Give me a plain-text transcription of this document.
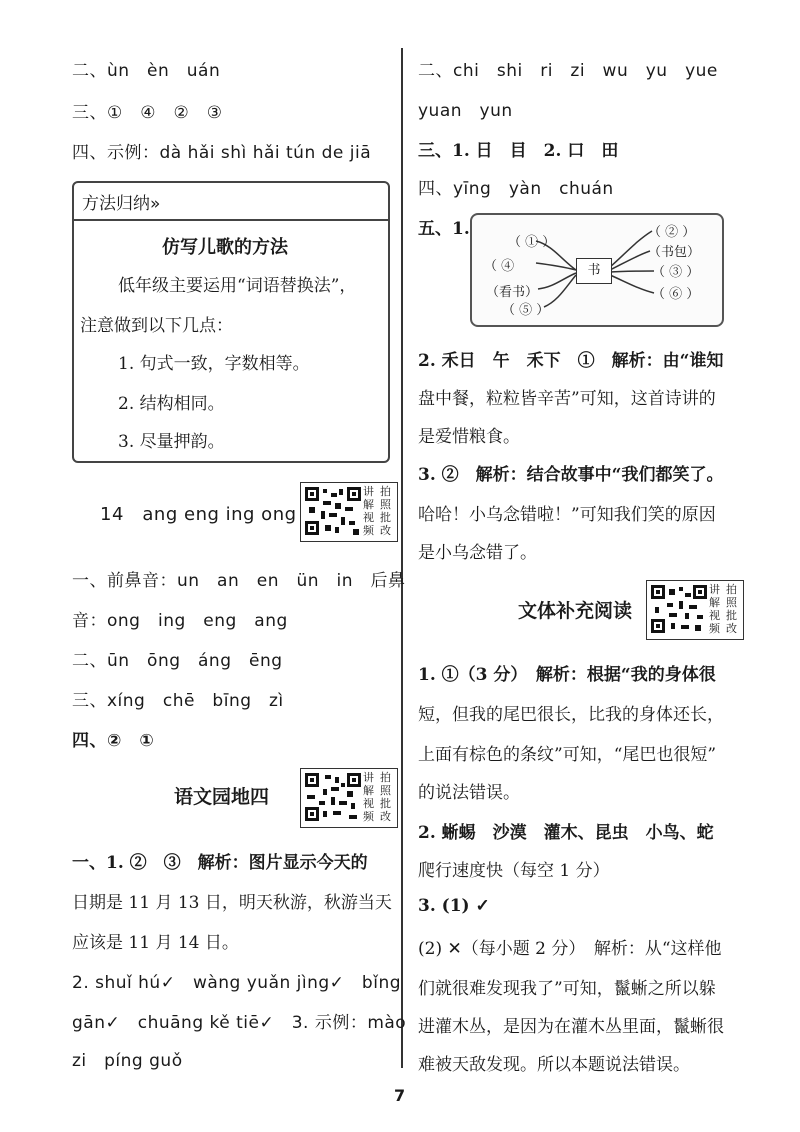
二、ùn　èn　uán
三、①　④　②　③
四、示例：dà hǎi shì hǎi tún de jiā
方法归纳»
仿写儿歌的方法
低年级主要运用“词语替换法”，
注意做到以下几点：
1. 句式一致，字数相等。
2. 结构相同。
3. 尽量押韵。
14　ang eng ing ong
讲 拍
解 照
视 批
频 改
一、前鼻音：un　an　en　ün　in　后鼻
音：ong　ing　eng　ang
二、ūn　ōng　áng　ēng
三、xíng　chē　bīng　zì
四、②　①
语文园地四
讲 拍
解 照
视 批
频 改
一、1. ②　③　解析：图片显示今天的
日期是 11 月 13 日，明天秋游，秋游当天
应该是 11 月 14 日。
2. shuǐ hú✓　wàng yuǎn jìng✓　bǐng
gān✓　chuāng kě tiē✓　3. 示例：mào
zi　píng guǒ
二、chi　shi　ri　zi　wu　yu　yue
yuan　yun
三、1. 日　目　2. 口　田
四、yīng　yàn　chuán
五、1.
书
（ ① ）
（ ④
（看书）
（ ⑤ ）
（ ② ）
（书包）
（ ③ ）
（ ⑥ ）
2. 禾日　午　禾下　①　解析：由“谁知
盘中餐，粒粒皆辛苦”可知，这首诗讲的
是爱惜粮食。
3. ②　解析：结合故事中“我们都笑了。
哈哈！小乌念错啦！”可知我们笑的原因
是小乌念错了。
文体补充阅读
讲 拍
解 照
视 批
频 改
1. ①（3 分）　解析：根据“我的身体很
短，但我的尾巴很长，比我的身体还长，
上面有棕色的条纹”可知，“尾巴也很短”
的说法错误。
2. 蜥蜴　沙漠　灌木、昆虫　小鸟、蛇
爬行速度快（每空 1 分）
3. (1) ✓
(2) ✕（每小题 2 分）　解析：从“这样他
们就很难发现我了”可知，鬣蜥之所以躲
进灌木丛，是因为在灌木丛里面，鬣蜥很
难被天敌发现。所以本题说法错误。
7
